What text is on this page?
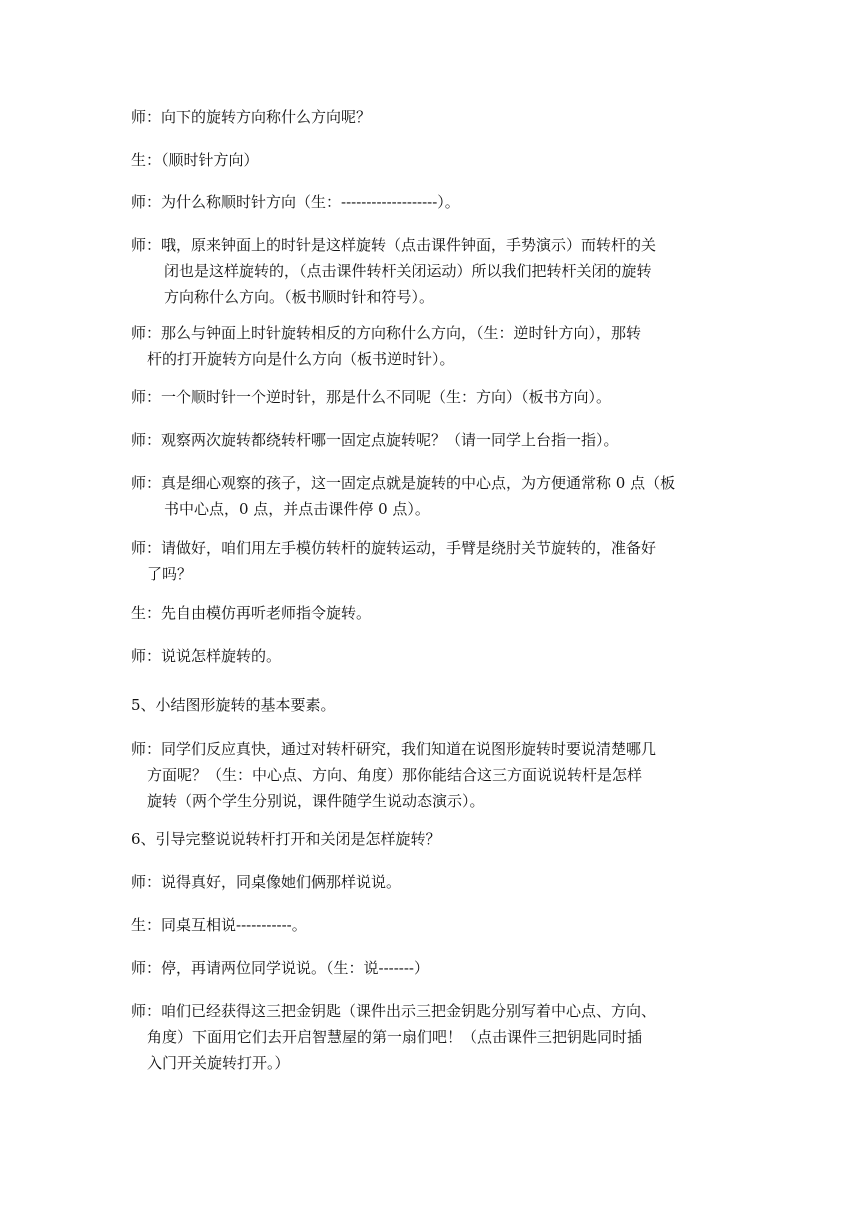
师：向下的旋转方向称什么方向呢？
生：（顺时针方向）
师：为什么称顺时针方向（生：-------------------）。
师：哦，原来钟面上的时针是这样旋转（点击课件钟面，手势演示）而转杆的关
闭也是这样旋转的，（点击课件转杆关闭运动）所以我们把转杆关闭的旋转
方向称什么方向。（板书顺时针和符号）。
师：那么与钟面上时针旋转相反的方向称什么方向，（生：逆时针方向），那转
杆的打开旋转方向是什么方向（板书逆时针）。
师：一个顺时针一个逆时针，那是什么不同呢（生：方向）（板书方向）。
师：观察两次旋转都绕转杆哪一固定点旋转呢？（请一同学上台指一指）。
师：真是细心观察的孩子，这一固定点就是旋转的中心点，为方便通常称 0 点（板
书中心点，0 点，并点击课件停 0 点）。
师：请做好，咱们用左手模仿转杆的旋转运动，手臂是绕肘关节旋转的，准备好
了吗？
生：先自由模仿再听老师指令旋转。
师：说说怎样旋转的。
5、小结图形旋转的基本要素。
师：同学们反应真快，通过对转杆研究，我们知道在说图形旋转时要说清楚哪几
方面呢？（生：中心点、方向、角度）那你能结合这三方面说说转杆是怎样
旋转（两个学生分别说，课件随学生说动态演示）。
6、引导完整说说转杆打开和关闭是怎样旋转？
师：说得真好，同桌像她们俩那样说说。
生：同桌互相说-----------。
师：停，再请两位同学说说。（生：说-------）
师：咱们已经获得这三把金钥匙（课件出示三把金钥匙分别写着中心点、方向、
角度）下面用它们去开启智慧屋的第一扇们吧！（点击课件三把钥匙同时插
入门开关旋转打开。）
